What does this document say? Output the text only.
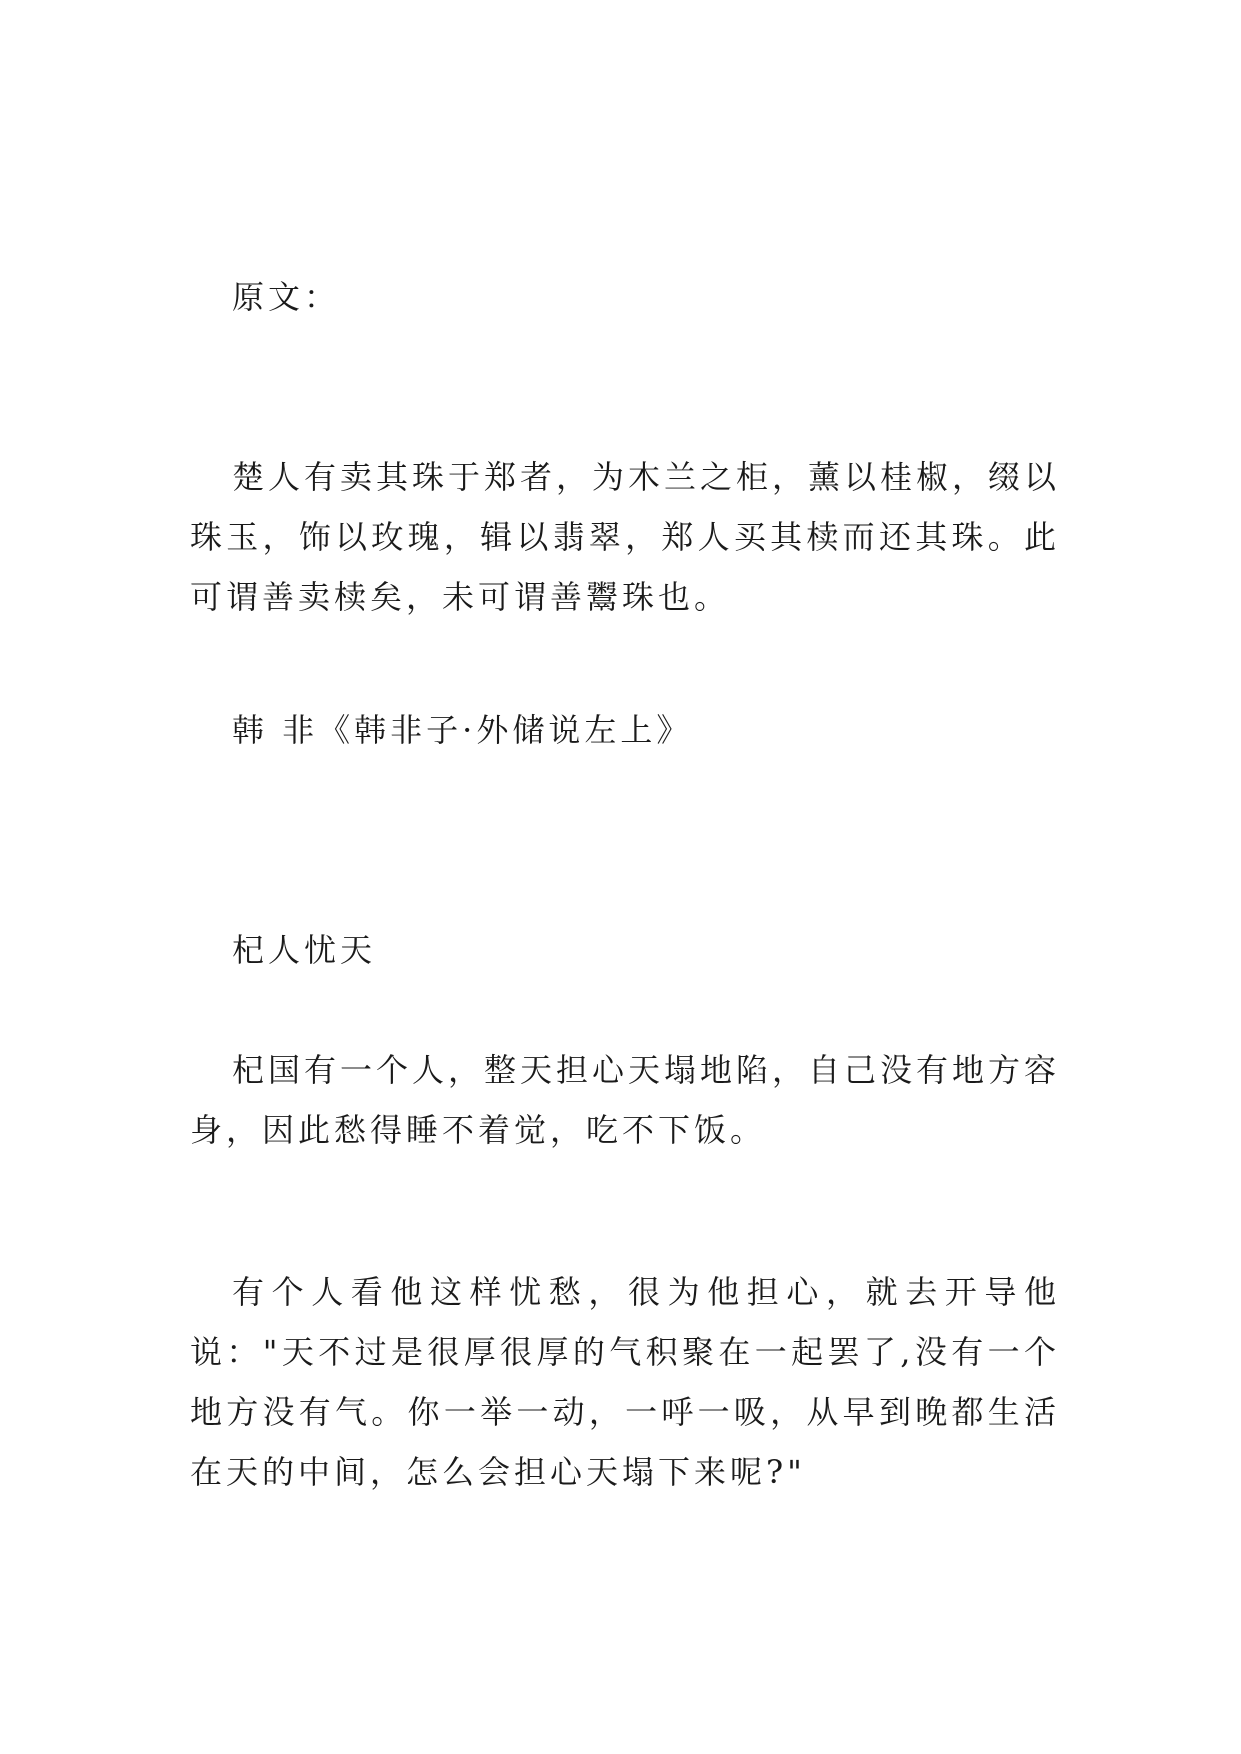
原文：

楚人有卖其珠于郑者，为木兰之柜，薰以桂椒，缀以珠玉，饰以玫瑰，辑以翡翠，郑人买其椟而还其珠。此可谓善卖椟矣，未可谓善鬻珠也。

韩 非《韩非子·外储说左上》

杞人忧天

杞国有一个人，整天担心天塌地陷，自己没有地方容身，因此愁得睡不着觉，吃不下饭。

有个人看他这样忧愁，很为他担心，就去开导他说："天不过是很厚很厚的气积聚在一起罢了,没有一个地方没有气。你一举一动，一呼一吸，从早到晚都生活在天的中间，怎么会担心天塌下来呢?"
